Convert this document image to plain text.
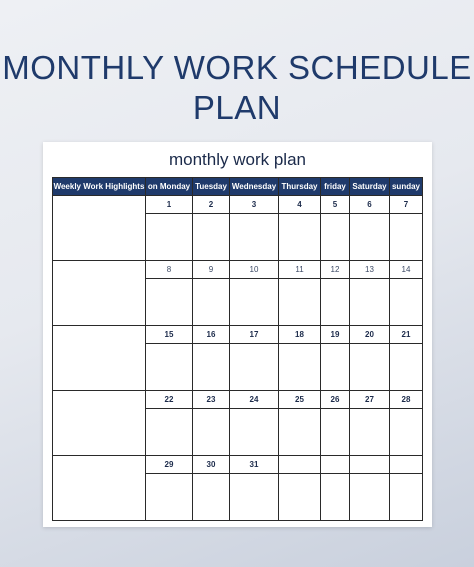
MONTHLY WORK SCHEDULE
PLAN
monthly work plan
Weekly Work Highlights	on Monday	Tuesday	Wednesday	Thursday	friday	Saturday	sunday
	1	2	3	4	5	6	7

	8	9	10	11	12	13	14

	15	16	17	18	19	20	21

	22	23	24	25	26	27	28

	29	30	31				
